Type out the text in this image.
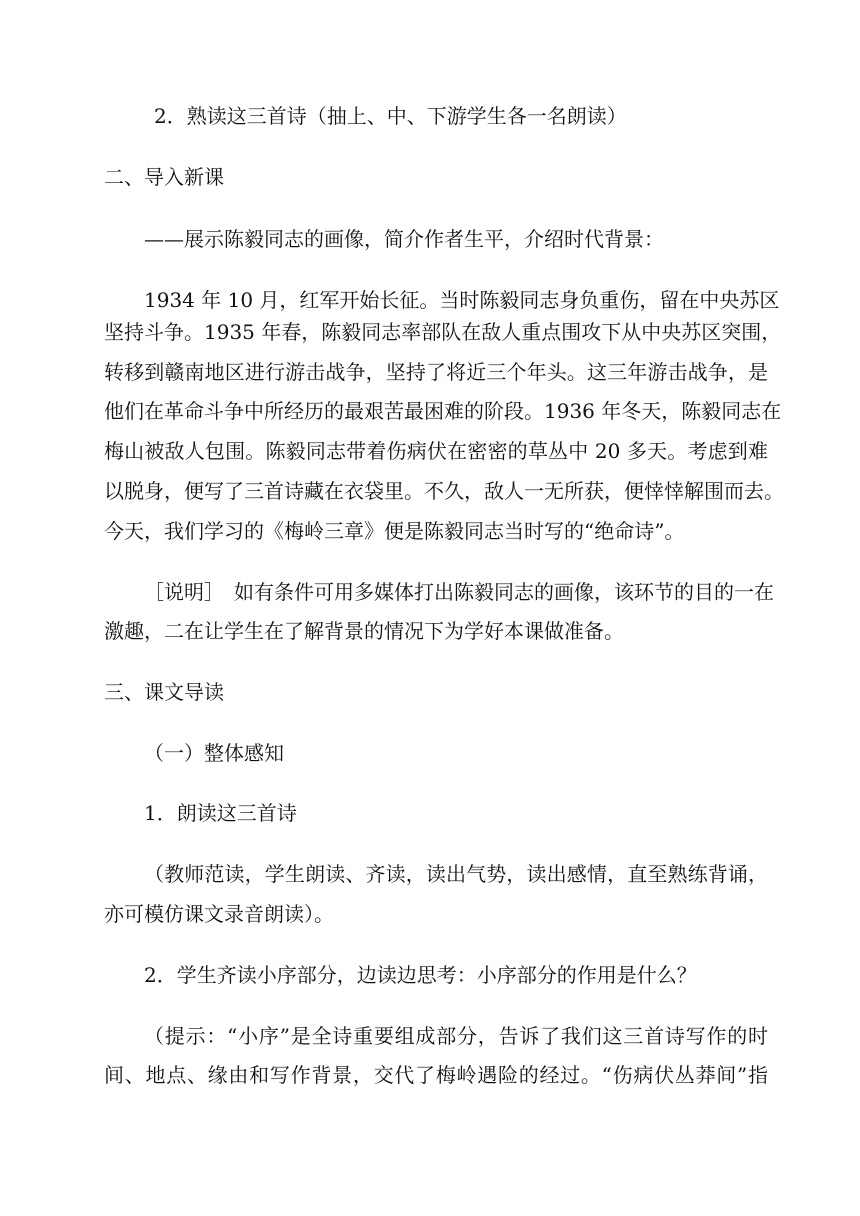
2．熟读这三首诗（抽上、中、下游学生各一名朗读）
二、导入新课
——展示陈毅同志的画像，简介作者生平，介绍时代背景：
1934 年 10 月，红军开始长征。当时陈毅同志身负重伤，留在中央苏区
坚持斗争。1935 年春，陈毅同志率部队在敌人重点围攻下从中央苏区突围，
转移到赣南地区进行游击战争，坚持了将近三个年头。这三年游击战争，是
他们在革命斗争中所经历的最艰苦最困难的阶段。1936 年冬天，陈毅同志在
梅山被敌人包围。陈毅同志带着伤病伏在密密的草丛中 20 多天。考虑到难
以脱身，便写了三首诗藏在衣袋里。不久，敌人一无所获，便悻悻解围而去。
今天，我们学习的《梅岭三章》便是陈毅同志当时写的“绝命诗”。
［说明］　如有条件可用多媒体打出陈毅同志的画像，该环节的目的一在
激趣，二在让学生在了解背景的情况下为学好本课做准备。
三、课文导读
（一）整体感知
1．朗读这三首诗
（教师范读，学生朗读、齐读，读出气势，读出感情，直至熟练背诵，
亦可模仿课文录音朗读）。
2．学生齐读小序部分，边读边思考：小序部分的作用是什么？
（提示：“小序”是全诗重要组成部分，告诉了我们这三首诗写作的时
间、地点、缘由和写作背景，交代了梅岭遇险的经过。“伤病伏丛莽间”指
